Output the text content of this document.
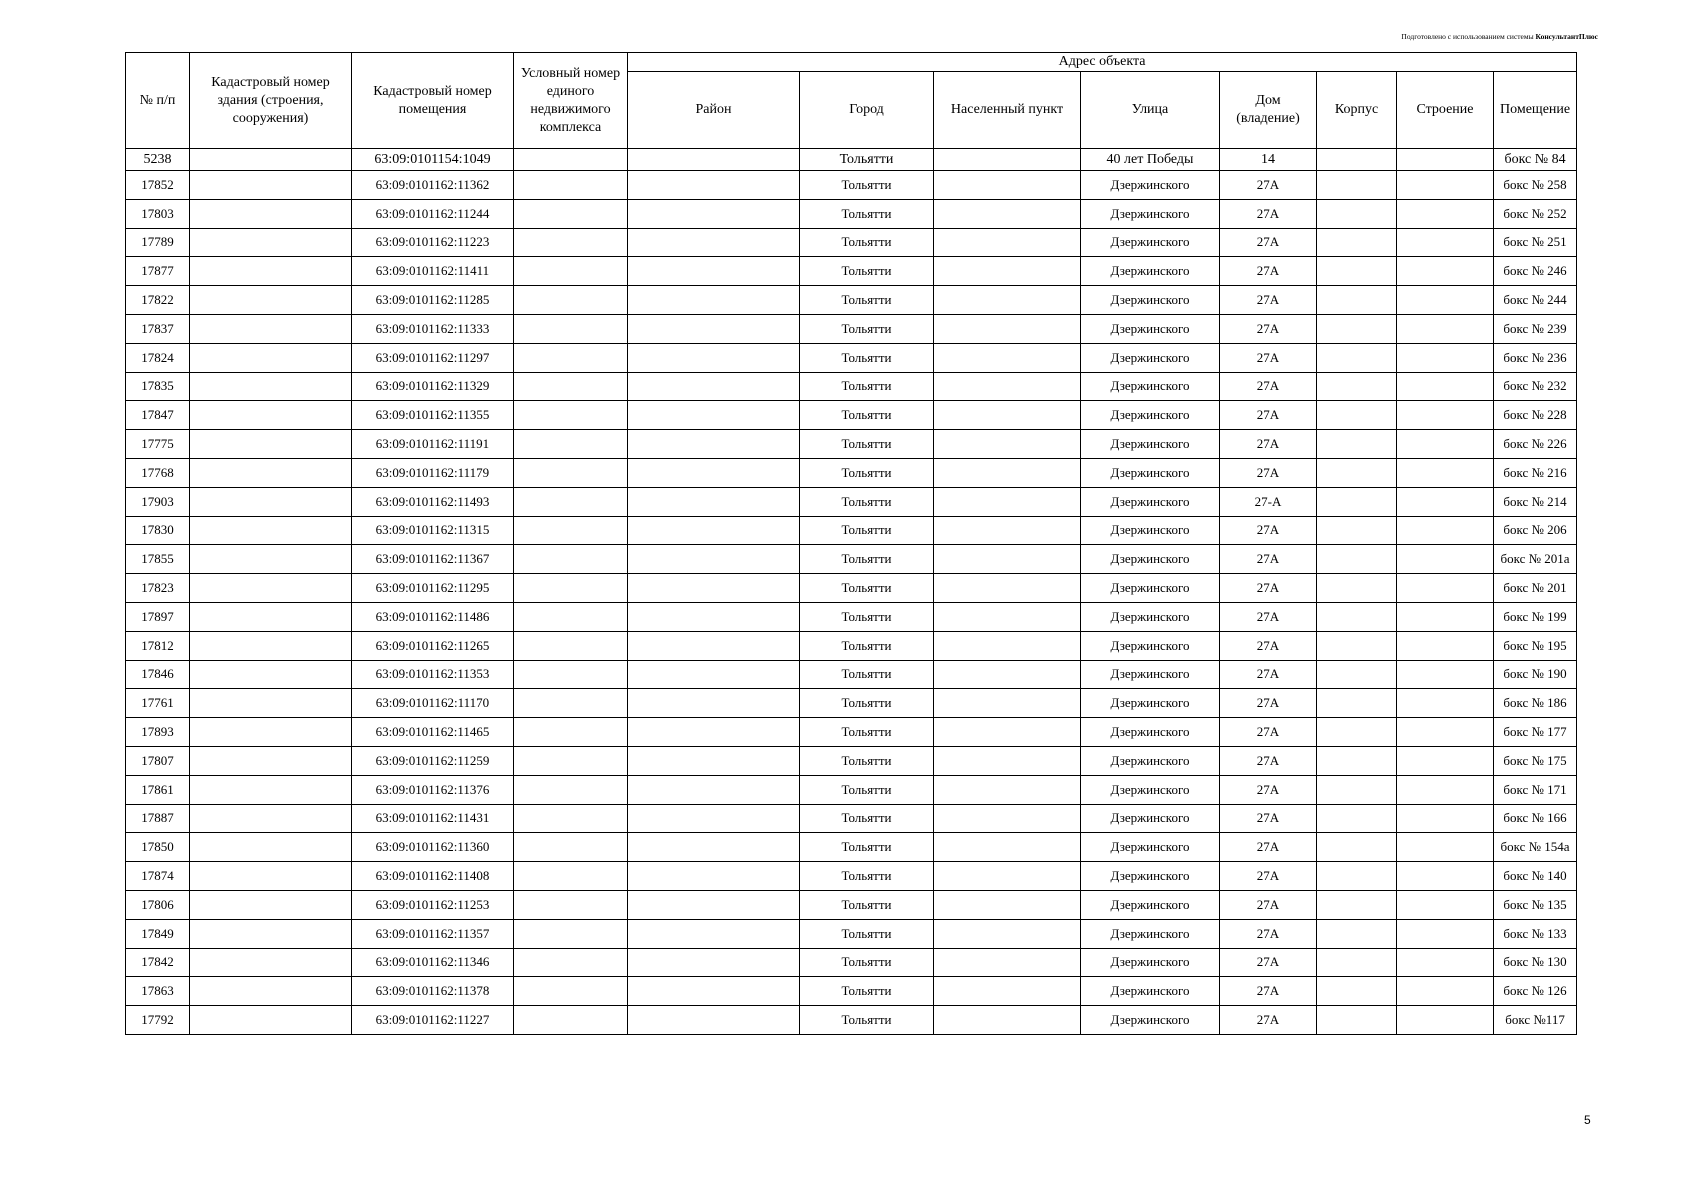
Подготовлено с использованием системы КонсультантПлюс
№ п/п	Кадастровый номер здания (строения, сооружения)	Кадастровый номер помещения	Условный номер единого недвижимого комплекса	Адрес объекта							
				Район	Город	Населенный пункт	Улица	Дом (владение)	Корпус	Строение	Помещение
5238		63:09:0101154:1049			Тольятти		40 лет Победы	14			бокс № 84
17852		63:09:0101162:11362			Тольятти		Дзержинского	27А			бокс № 258
17803		63:09:0101162:11244			Тольятти		Дзержинского	27А			бокс № 252
17789		63:09:0101162:11223			Тольятти		Дзержинского	27А			бокс № 251
17877		63:09:0101162:11411			Тольятти		Дзержинского	27А			бокс № 246
17822		63:09:0101162:11285			Тольятти		Дзержинского	27А			бокс № 244
17837		63:09:0101162:11333			Тольятти		Дзержинского	27А			бокс № 239
17824		63:09:0101162:11297			Тольятти		Дзержинского	27А			бокс № 236
17835		63:09:0101162:11329			Тольятти		Дзержинского	27А			бокс № 232
17847		63:09:0101162:11355			Тольятти		Дзержинского	27А			бокс № 228
17775		63:09:0101162:11191			Тольятти		Дзержинского	27А			бокс № 226
17768		63:09:0101162:11179			Тольятти		Дзержинского	27А			бокс № 216
17903		63:09:0101162:11493			Тольятти		Дзержинского	27-А			бокс № 214
17830		63:09:0101162:11315			Тольятти		Дзержинского	27А			бокс № 206
17855		63:09:0101162:11367			Тольятти		Дзержинского	27А			бокс № 201а
17823		63:09:0101162:11295			Тольятти		Дзержинского	27А			бокс № 201
17897		63:09:0101162:11486			Тольятти		Дзержинского	27А			бокс № 199
17812		63:09:0101162:11265			Тольятти		Дзержинского	27А			бокс № 195
17846		63:09:0101162:11353			Тольятти		Дзержинского	27А			бокс № 190
17761		63:09:0101162:11170			Тольятти		Дзержинского	27А			бокс № 186
17893		63:09:0101162:11465			Тольятти		Дзержинского	27А			бокс № 177
17807		63:09:0101162:11259			Тольятти		Дзержинского	27А			бокс № 175
17861		63:09:0101162:11376			Тольятти		Дзержинского	27А			бокс № 171
17887		63:09:0101162:11431			Тольятти		Дзержинского	27А			бокс № 166
17850		63:09:0101162:11360			Тольятти		Дзержинского	27А			бокс № 154а
17874		63:09:0101162:11408			Тольятти		Дзержинского	27А			бокс № 140
17806		63:09:0101162:11253			Тольятти		Дзержинского	27А			бокс № 135
17849		63:09:0101162:11357			Тольятти		Дзержинского	27А			бокс № 133
17842		63:09:0101162:11346			Тольятти		Дзержинского	27А			бокс № 130
17863		63:09:0101162:11378			Тольятти		Дзержинского	27А			бокс № 126
17792		63:09:0101162:11227			Тольятти		Дзержинского	27А			бокс №117
5
